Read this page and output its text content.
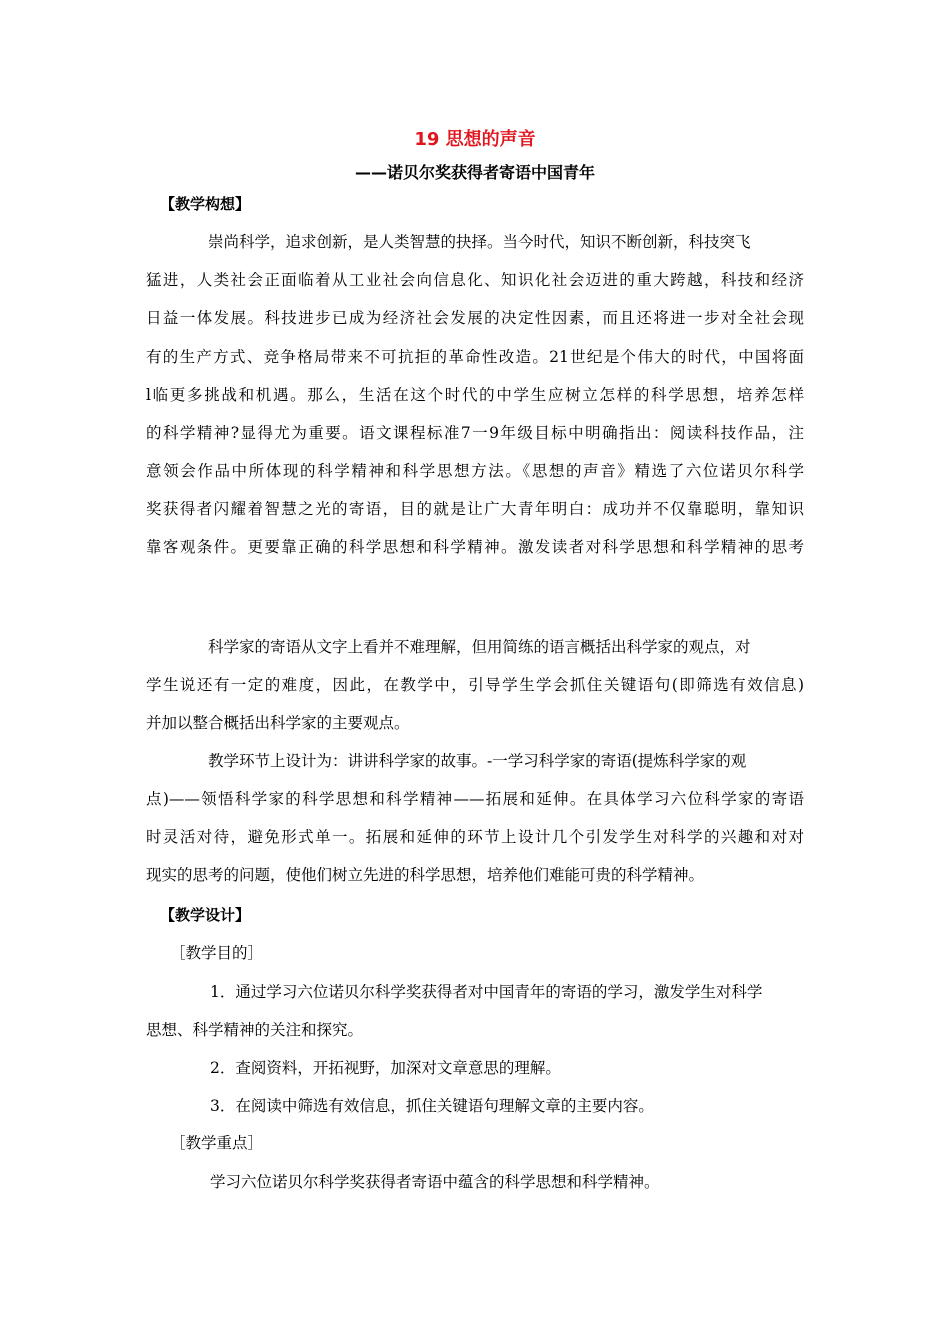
19 思想的声音
——诺贝尔奖获得者寄语中国青年
【教学构想】
崇尚科学，追求创新，是人类智慧的抉择。当今时代，知识不断创新，科技突飞
猛进，人类社会正面临着从工业社会向信息化、知识化社会迈进的重大跨越，科技和经济
日益一体发展。科技进步已成为经济社会发展的决定性因素，而且还将进一步对全社会现
有的生产方式、竞争格局带来不可抗拒的革命性改造。21世纪是个伟大的时代，中国将面
l临更多挑战和机遇。那么，生活在这个时代的中学生应树立怎样的科学思想，培养怎样
的科学精神?显得尤为重要。语文课程标准7一9年级目标中明确指出：阅读科技作品，注
意领会作品中所体现的科学精神和科学思想方法。《思想的声音》精选了六位诺贝尔科学
奖获得者闪耀着智慧之光的寄语，目的就是让广大青年明白：成功并不仅靠聪明，靠知识
靠客观条件。更要靠正确的科学思想和科学精神。激发读者对科学思想和科学精神的思考
科学家的寄语从文字上看并不难理解，但用简练的语言概括出科学家的观点，对
学生说还有一定的难度，因此，在教学中，引导学生学会抓住关键语句(即筛选有效信息)
并加以整合概括出科学家的主要观点。
教学环节上设计为：讲讲科学家的故事。-一学习科学家的寄语(提炼科学家的观
点)——领悟科学家的科学思想和科学精神——拓展和延伸。在具体学习六位科学家的寄语
时灵活对待，避免形式单一。拓展和延伸的环节上设计几个引发学生对科学的兴趣和对对
现实的思考的问题，使他们树立先进的科学思想，培养他们难能可贵的科学精神。
【教学设计】
［教学目的］
1．通过学习六位诺贝尔科学奖获得者对中国青年的寄语的学习，激发学生对科学
思想、科学精神的关注和探究。
2．查阅资料，开拓视野，加深对文章意思的理解。
3．在阅读中筛选有效信息，抓住关键语句理解文章的主要内容。
［教学重点］
学习六位诺贝尔科学奖获得者寄语中蕴含的科学思想和科学精神。
